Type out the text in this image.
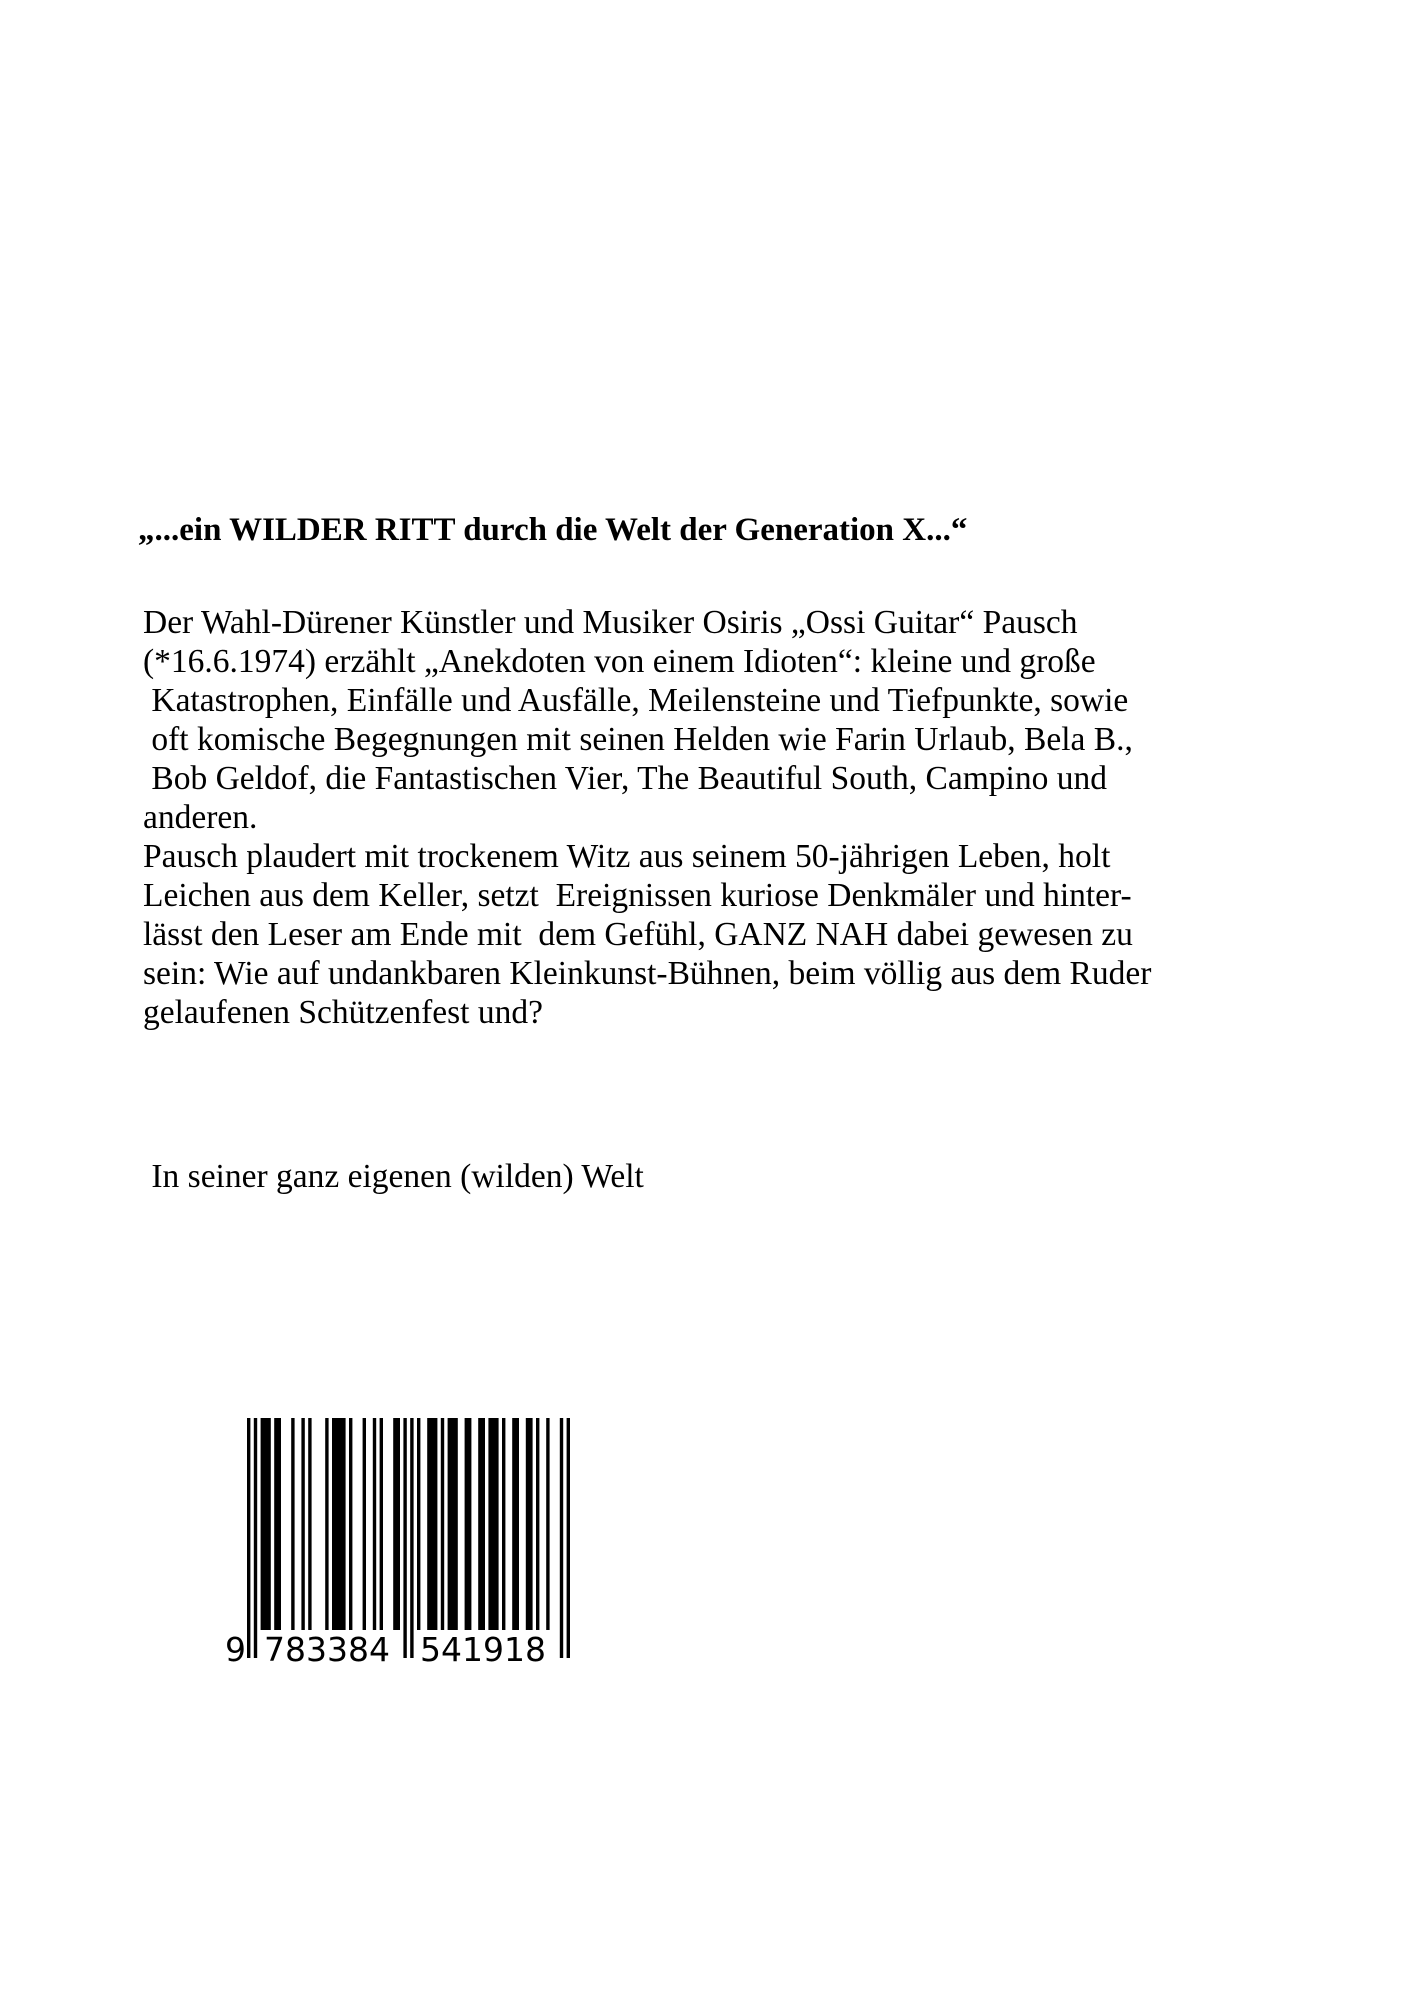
„...ein WILDER RITT durch die Welt der Generation X...“
Der Wahl-Dürener Künstler und Musiker Osiris „Ossi Guitar“ Pausch
(*16.6.1974) erzählt „Anekdoten von einem Idioten“: kleine und große
Katastrophen, Einfälle und Ausfälle, Meilensteine und Tiefpunkte, sowie
oft komische Begegnungen mit seinen Helden wie Farin Urlaub, Bela B.,
Bob Geldof, die Fantastischen Vier, The Beautiful South, Campino und
anderen.
Pausch plaudert mit trockenem Witz aus seinem 50-jährigen Leben, holt
Leichen aus dem Keller, setzt  Ereignissen kuriose Denkmäler und hinter-
lässt den Leser am Ende mit  dem Gefühl, GANZ NAH dabei gewesen zu
sein: Wie auf undankbaren Kleinkunst-Bühnen, beim völlig aus dem Ruder
gelaufenen Schützenfest und?

In seiner ganz eigenen (wilden) Welt

9 783384 541918
